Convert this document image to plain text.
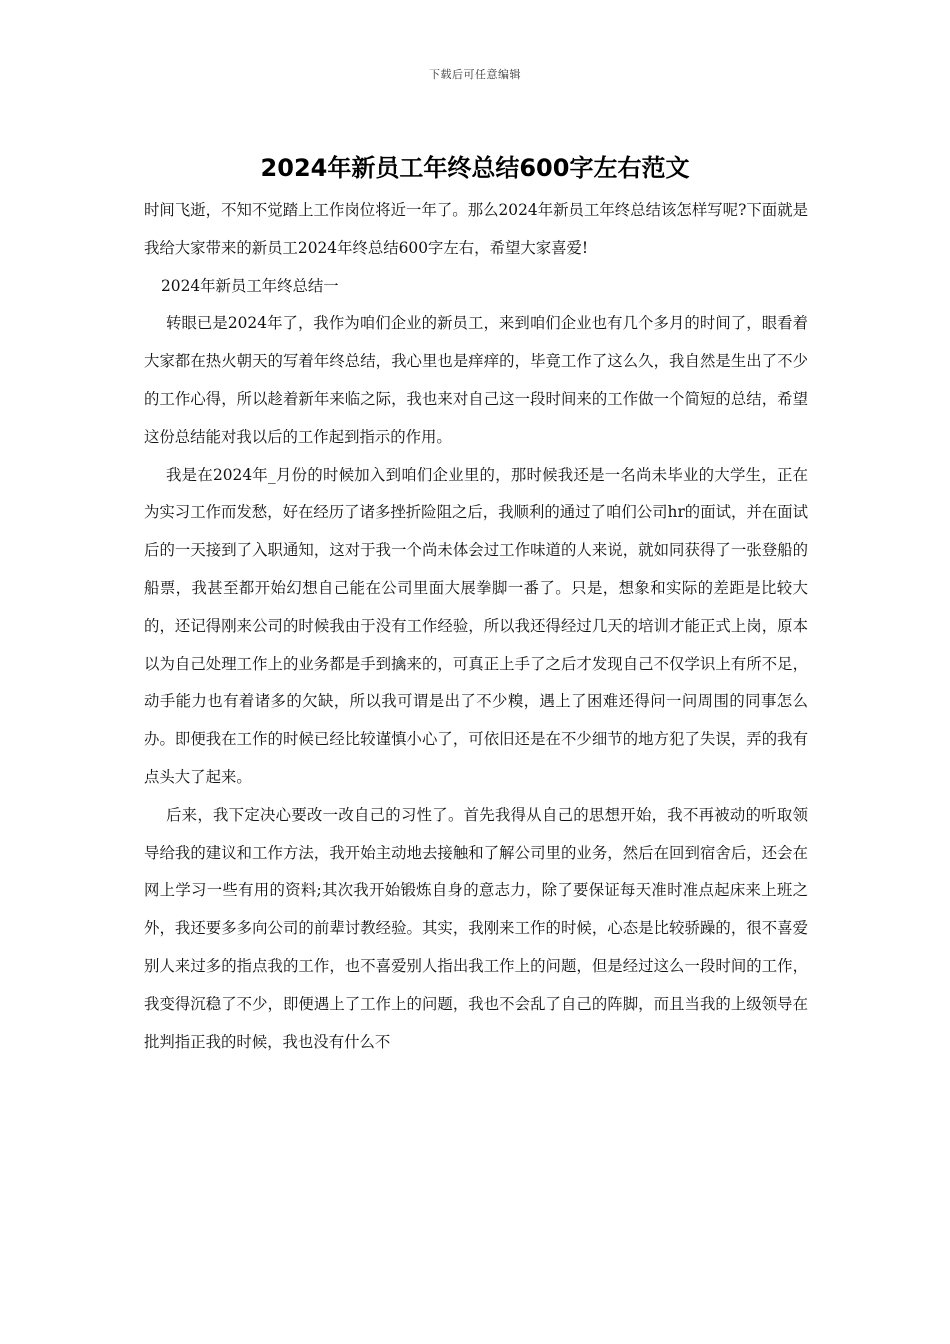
下载后可任意编辑
2024年新员工年终总结600字左右范文

时间飞逝，不知不觉踏上工作岗位将近一年了。那么2024年新员工年终总结该怎样写呢?下面就是我给大家带来的新员工2024年终总结600字左右，希望大家喜爱!

2024年新员工年终总结一

转眼已是2024年了，我作为咱们企业的新员工，来到咱们企业也有几个多月的时间了，眼看着大家都在热火朝天的写着年终总结，我心里也是痒痒的，毕竟工作了这么久，我自然是生出了不少的工作心得，所以趁着新年来临之际，我也来对自己这一段时间来的工作做一个简短的总结，希望这份总结能对我以后的工作起到指示的作用。

我是在2024年_月份的时候加入到咱们企业里的，那时候我还是一名尚未毕业的大学生，正在为实习工作而发愁，好在经历了诸多挫折险阻之后，我顺利的通过了咱们公司hr的面试，并在面试后的一天接到了入职通知，这对于我一个尚未体会过工作味道的人来说，就如同获得了一张登船的船票，我甚至都开始幻想自己能在公司里面大展拳脚一番了。只是，想象和实际的差距是比较大的，还记得刚来公司的时候我由于没有工作经验，所以我还得经过几天的培训才能正式上岗，原本以为自己处理工作上的业务都是手到擒来的，可真正上手了之后才发现自己不仅学识上有所不足，动手能力也有着诸多的欠缺，所以我可谓是出了不少糗，遇上了困难还得问一问周围的同事怎么办。即便我在工作的时候已经比较谨慎小心了，可依旧还是在不少细节的地方犯了失误，弄的我有点头大了起来。

后来，我下定决心要改一改自己的习性了。首先我得从自己的思想开始，我不再被动的听取领导给我的建议和工作方法，我开始主动地去接触和了解公司里的业务，然后在回到宿舍后，还会在网上学习一些有用的资料;其次我开始锻炼自身的意志力，除了要保证每天准时准点起床来上班之外，我还要多多向公司的前辈讨教经验。其实，我刚来工作的时候，心态是比较骄躁的，很不喜爱别人来过多的指点我的工作，也不喜爱别人指出我工作上的问题，但是经过这么一段时间的工作，我变得沉稳了不少，即便遇上了工作上的问题，我也不会乱了自己的阵脚，而且当我的上级领导在批判指正我的时候，我也没有什么不
